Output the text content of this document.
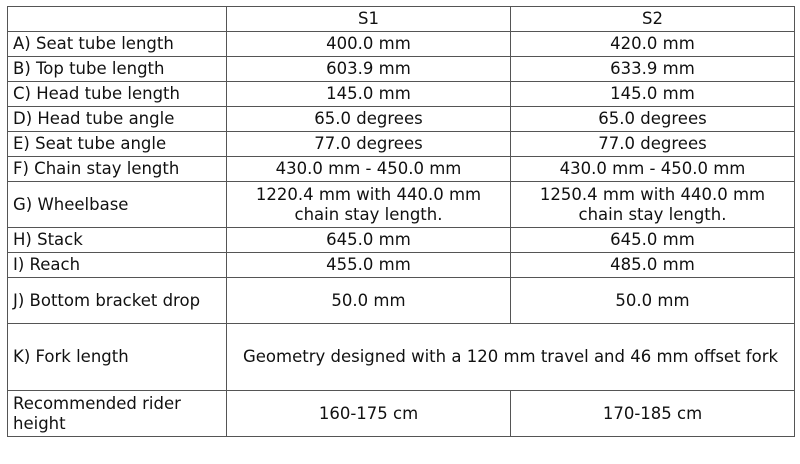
	S1	S2
A) Seat tube length	400.0 mm	420.0 mm
B) Top tube length	603.9 mm	633.9 mm
C) Head tube length	145.0 mm	145.0 mm
D) Head tube angle	65.0 degrees	65.0 degrees
E) Seat tube angle	77.0 degrees	77.0 degrees
F) Chain stay length	430.0 mm - 450.0 mm	430.0 mm - 450.0 mm
G) Wheelbase	1220.4 mm with 440.0 mm chain stay length.	1250.4 mm with 440.0 mm chain stay length.
H) Stack	645.0 mm	645.0 mm
I) Reach	455.0 mm	485.0 mm
J) Bottom bracket drop	50.0 mm	50.0 mm
K) Fork length	Geometry designed with a 120 mm travel and 46 mm offset fork	
Recommended rider height	160-175 cm	170-185 cm
